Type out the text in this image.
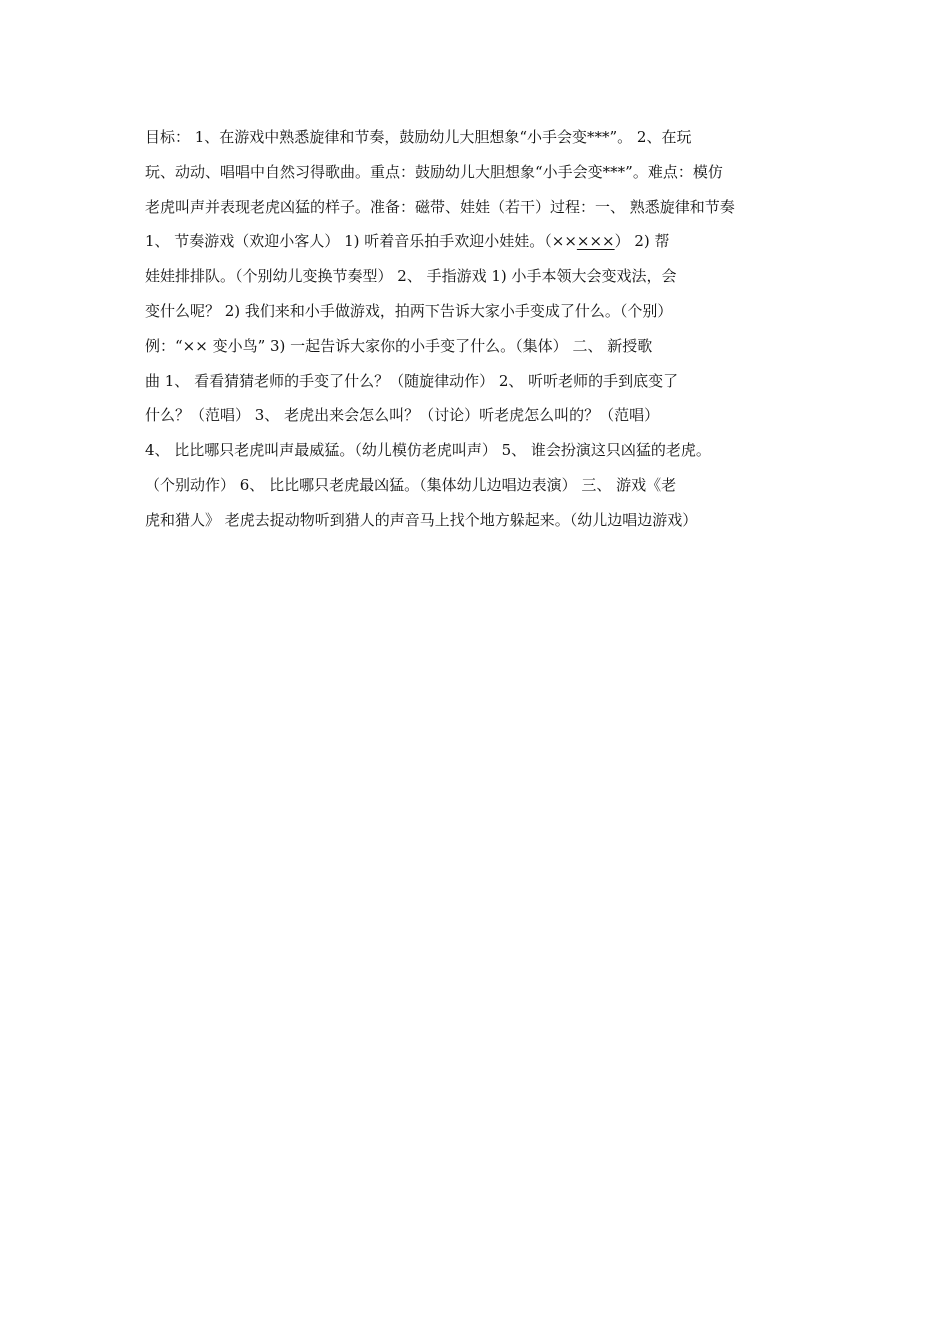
目标： 1、在游戏中熟悉旋律和节奏，鼓励幼儿大胆想象“小手会变***”。 2、在玩
玩、动动、唱唱中自然习得歌曲。重点：鼓励幼儿大胆想象“小手会变***”。难点：模仿
老虎叫声并表现老虎凶猛的样子。准备：磁带、娃娃（若干）过程：一、 熟悉旋律和节奏
1、 节奏游戏（欢迎小客人） 1) 听着音乐拍手欢迎小娃娃。（×××××） 2) 帮
娃娃排排队。（个别幼儿变换节奏型） 2、 手指游戏 1) 小手本领大会变戏法，会
变什么呢？ 2) 我们来和小手做游戏，拍两下告诉大家小手变成了什么。（个别）
例：“×× 变小鸟” 3) 一起告诉大家你的小手变了什么。（集体） 二、 新授歌
曲 1、 看看猜猜老师的手变了什么？（随旋律动作） 2、 听听老师的手到底变了
什么？（范唱） 3、 老虎出来会怎么叫？（讨论）听老虎怎么叫的？（范唱）
4、 比比哪只老虎叫声最威猛。（幼儿模仿老虎叫声） 5、 谁会扮演这只凶猛的老虎。
（个别动作） 6、 比比哪只老虎最凶猛。（集体幼儿边唱边表演） 三、 游戏《老
虎和猎人》 老虎去捉动物听到猎人的声音马上找个地方躲起来。（幼儿边唱边游戏）
